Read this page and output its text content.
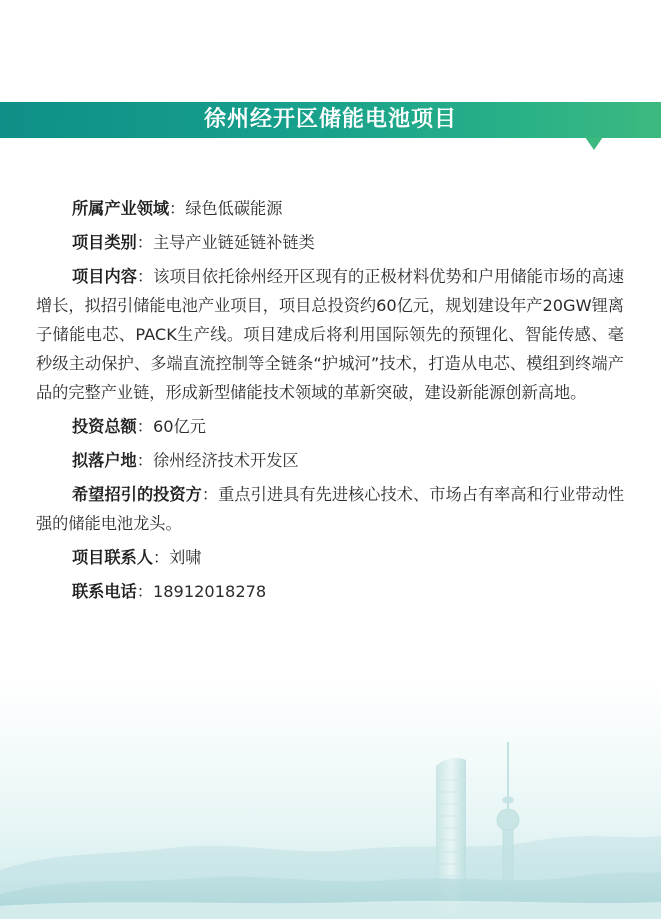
徐州经开区储能电池项目

所属产业领域：绿色低碳能源

项目类别：主导产业链延链补链类

项目内容：该项目依托徐州经开区现有的正极材料优势和户用储能市场的高速增长，拟招引储能电池产业项目，项目总投资约60亿元，规划建设年产20GW锂离子储能电芯、PACK生产线。项目建成后将利用国际领先的预锂化、智能传感、毫秒级主动保护、多端直流控制等全链条“护城河”技术，打造从电芯、模组到终端产品的完整产业链，形成新型储能技术领域的革新突破，建设新能源创新高地。

投资总额：60亿元

拟落户地：徐州经济技术开发区

希望招引的投资方：重点引进具有先进核心技术、市场占有率高和行业带动性强的储能电池龙头。

项目联系人：刘啸

联系电话：18912018278
